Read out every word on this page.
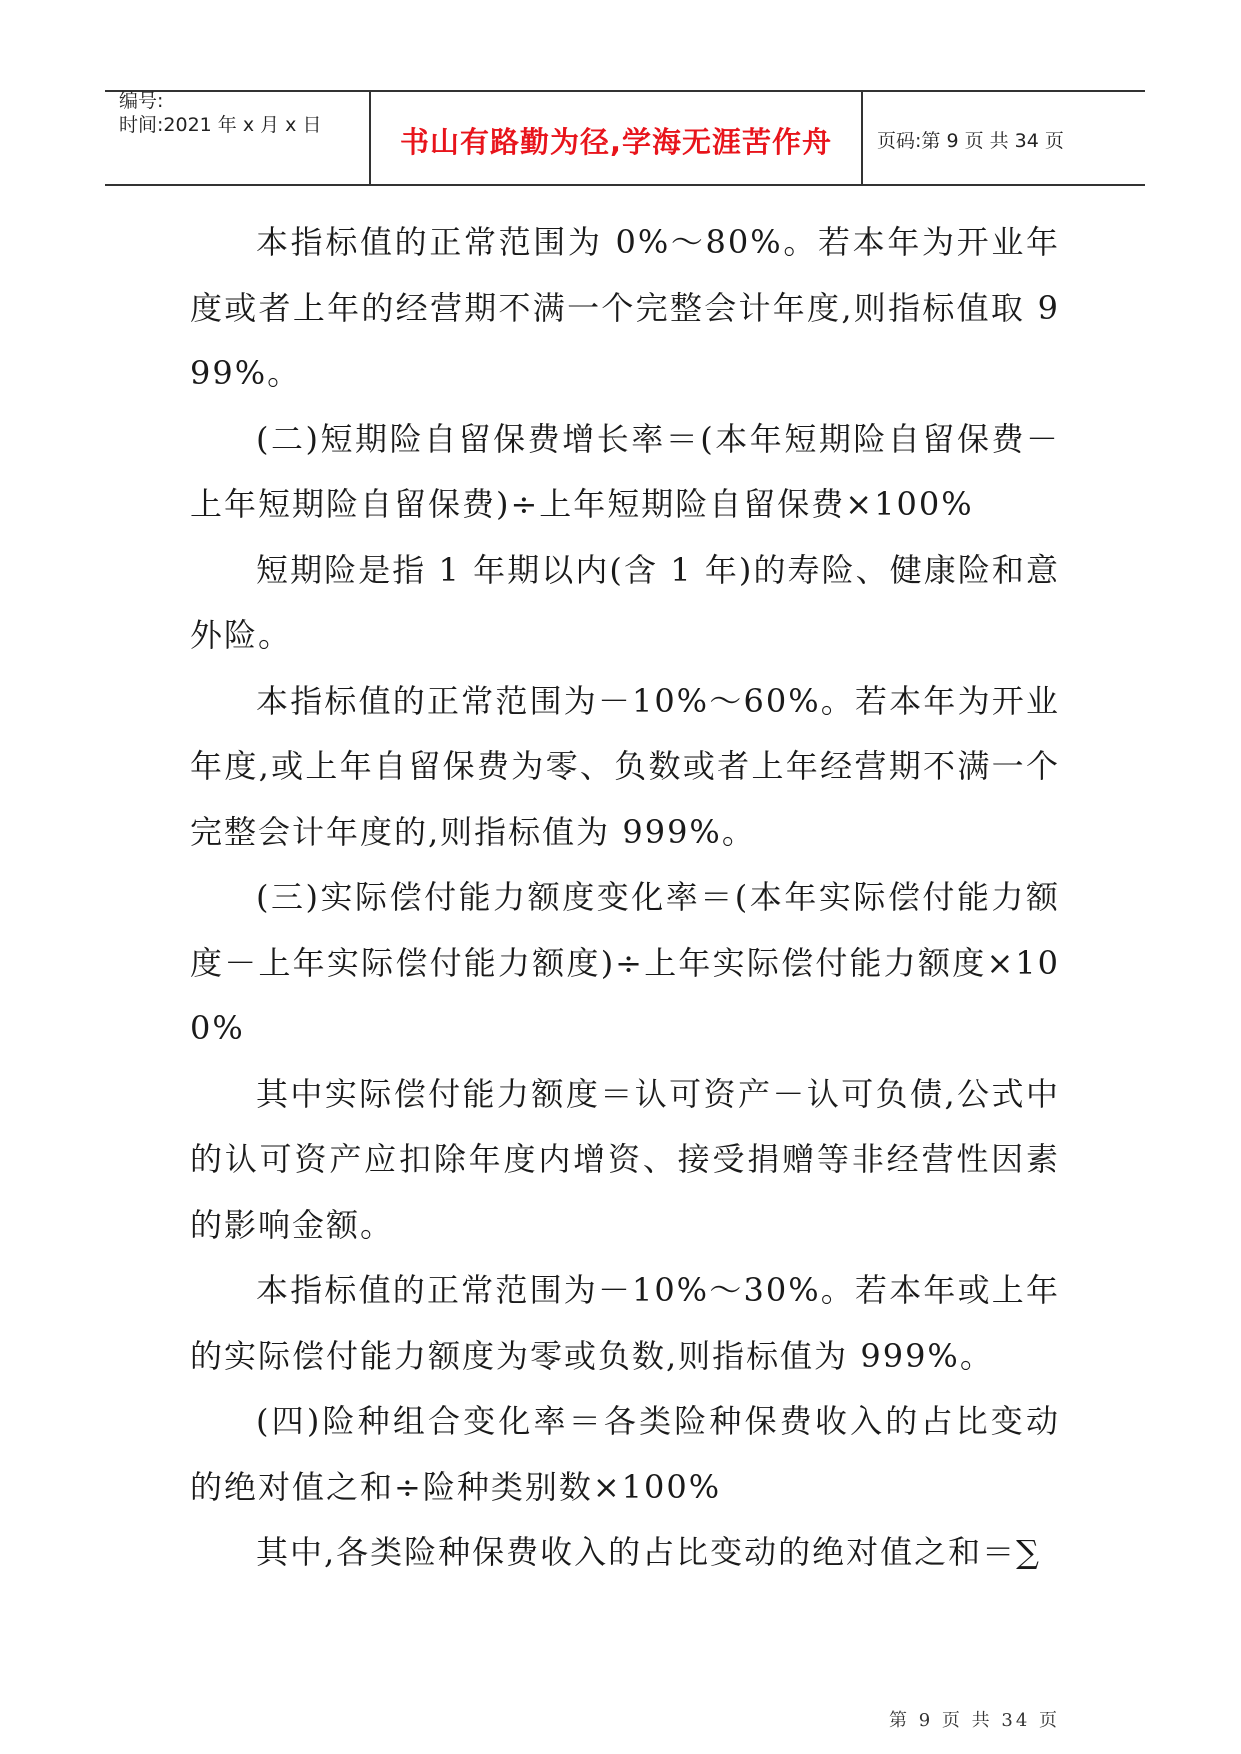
编号:
时间:2021 年 x 月 x 日	书山有路勤为径,学海无涯苦作舟	页码:第 9 页 共 34 页

本指标值的正常范围为 0%～80%。若本年为开业年度或者上年的经营期不满一个完整会计年度,则指标值取 999%。

(二)短期险自留保费增长率＝(本年短期险自留保费－上年短期险自留保费)÷上年短期险自留保费×100%

短期险是指 1 年期以内(含 1 年)的寿险、健康险和意外险。

本指标值的正常范围为－10%～60%。若本年为开业年度,或上年自留保费为零、负数或者上年经营期不满一个完整会计年度的,则指标值为 999%。

(三)实际偿付能力额度变化率＝(本年实际偿付能力额度－上年实际偿付能力额度)÷上年实际偿付能力额度×100%

其中实际偿付能力额度＝认可资产－认可负债,公式中的认可资产应扣除年度内增资、接受捐赠等非经营性因素的影响金额。

本指标值的正常范围为－10%～30%。若本年或上年的实际偿付能力额度为零或负数,则指标值为 999%。

(四)险种组合变化率＝各类险种保费收入的占比变动的绝对值之和÷险种类别数×100%

其中,各类险种保费收入的占比变动的绝对值之和＝∑

第 9 页 共 34 页
